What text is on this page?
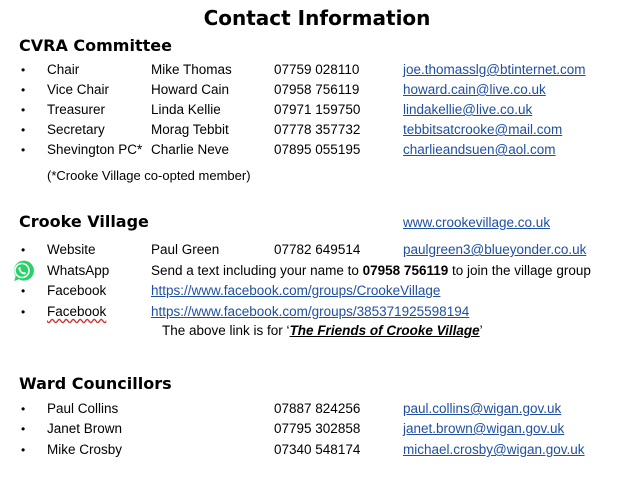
Contact Information
CVRA Committee
• Chair	Mike Thomas	07759 028110	joe.thomasslg@btinternet.com
• Vice Chair	Howard Cain	07958 756119	howard.cain@live.co.uk
• Treasurer	Linda Kellie	07971 159750	lindakellie@live.co.uk
• Secretary	Morag Tebbit	07778 357732	tebbitsatcrooke@mail.com
• Shevington PC* Charlie Neve	07895 055195	charlieandsuen@aol.com
(*Crooke Village co-opted member)
Crooke Village	www.crookevillage.co.uk
• Website	Paul Green	07782 649514	paulgreen3@blueyonder.co.uk
WhatsApp	Send a text including your name to 07958 756119 to join the village group
• Facebook	https://www.facebook.com/groups/CrookeVillage
• Facebook	https://www.facebook.com/groups/385371925598194
The above link is for ‘The Friends of Crooke Village’
Ward Councillors
• Paul Collins	07887 824256	paul.collins@wigan.gov.uk
• Janet Brown	07795 302858	janet.brown@wigan.gov.uk
• Mike Crosby	07340 548174	michael.crosby@wigan.gov.uk
